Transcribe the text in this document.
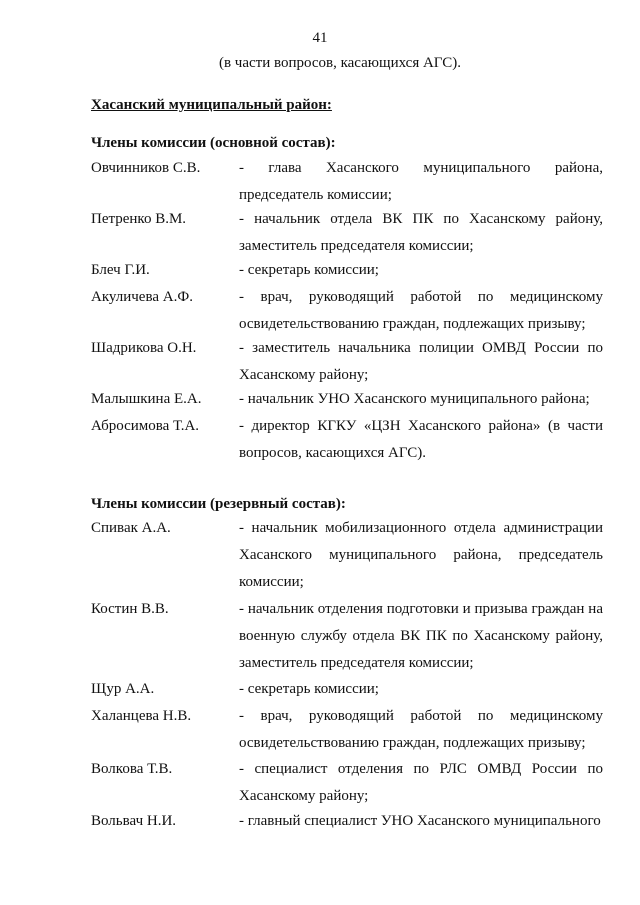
41
(в части вопросов, касающихся АГС).
Хасанский муниципальный район:
Члены комиссии (основной состав):
Овчинников С.В.	- глава Хасанского муниципального района, председатель комиссии;
Петренко В.М.	- начальник отдела ВК ПК по Хасанскому району, заместитель председателя комиссии;
Блеч Г.И.	- секретарь комиссии;
Акуличева А.Ф.	- врач, руководящий работой по медицинскому освидетельствованию граждан, подлежащих призыву;
Шадрикова О.Н.	- заместитель начальника полиции ОМВД России по Хасанскому району;
Малышкина Е.А.	- начальник УНО Хасанского муниципального района;
Абросимова Т.А.	- директор КГКУ «ЦЗН Хасанского района» (в части вопросов, касающихся АГС).
Члены комиссии (резервный состав):
Спивак А.А.	- начальник мобилизационного отдела администрации Хасанского муниципального района, председатель комиссии;
Костин В.В.	- начальник отделения подготовки и призыва граждан на военную службу отдела ВК ПК по Хасанскому району, заместитель председателя комиссии;
Щур А.А.	- секретарь комиссии;
Халанцева Н.В.	- врач, руководящий работой по медицинскому освидетельствованию граждан, подлежащих призыву;
Волкова Т.В.	- специалист отделения по РЛС ОМВД России по Хасанскому району;
Вольвач Н.И.	- главный специалист УНО Хасанского муниципального
